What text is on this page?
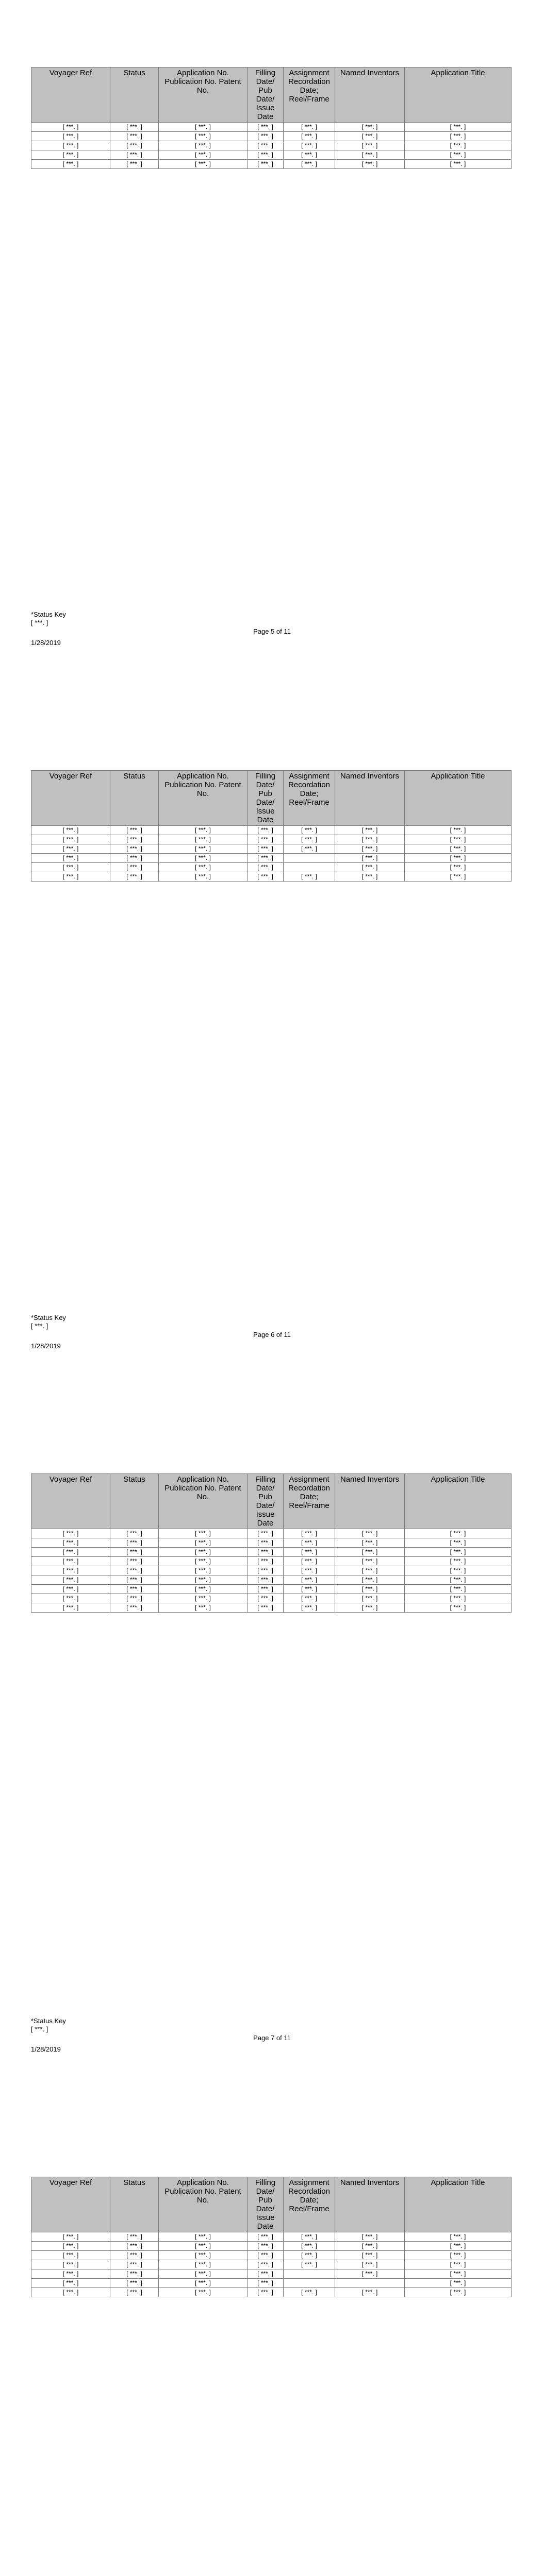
Voyager Ref	Status	Application No. Publication No. Patent No.	Filling Date/ Pub Date/ Issue Date	Assignment Recordation Date; Reel/Frame	Named Inventors	Application Title
[ ***. ]	[ ***. ]	[ ***. ]	[ ***. ]	[ ***. ]	[ ***. ]	[ ***. ]
[ ***. ]	[ ***. ]	[ ***. ]	[ ***. ]	[ ***. ]	[ ***. ]	[ ***. ]
[ ***. ]	[ ***. ]	[ ***. ]	[ ***. ]	[ ***. ]	[ ***. ]	[ ***. ]
[ ***. ]	[ ***. ]	[ ***. ]	[ ***. ]	[ ***. ]	[ ***. ]	[ ***. ]
[ ***. ]	[ ***. ]	[ ***. ]	[ ***. ]	[ ***. ]	[ ***. ]	[ ***. ]
*Status Key
[ ***. ]
Page 5 of 11
1/28/2019
Voyager Ref	Status	Application No. Publication No. Patent No.	Filling Date/ Pub Date/ Issue Date	Assignment Recordation Date; Reel/Frame	Named Inventors	Application Title
[ ***. ]	[ ***. ]	[ ***. ]	[ ***. ]	[ ***. ]	[ ***. ]	[ ***. ]
[ ***. ]	[ ***. ]	[ ***. ]	[ ***. ]	[ ***. ]	[ ***. ]	[ ***. ]
[ ***. ]	[ ***. ]	[ ***. ]	[ ***. ]	[ ***. ]	[ ***. ]	[ ***. ]
[ ***. ]	[ ***. ]	[ ***. ]	[ ***. ]		[ ***. ]	[ ***. ]
[ ***. ]	[ ***. ]	[ ***. ]	[ ***. ]		[ ***. ]	[ ***. ]
[ ***. ]	[ ***. ]	[ ***. ]	[ ***. ]	[ ***. ]	[ ***. ]	[ ***. ]
*Status Key
[ ***. ]
Page 6 of 11
1/28/2019
Voyager Ref	Status	Application No. Publication No. Patent No.	Filling Date/ Pub Date/ Issue Date	Assignment Recordation Date; Reel/Frame	Named Inventors	Application Title
[ ***. ]	[ ***. ]	[ ***. ]	[ ***. ]	[ ***. ]	[ ***. ]	[ ***. ]
[ ***. ]	[ ***. ]	[ ***. ]	[ ***. ]	[ ***. ]	[ ***. ]	[ ***. ]
[ ***. ]	[ ***. ]	[ ***. ]	[ ***. ]	[ ***. ]	[ ***. ]	[ ***. ]
[ ***. ]	[ ***. ]	[ ***. ]	[ ***. ]	[ ***. ]	[ ***. ]	[ ***. ]
[ ***. ]	[ ***. ]	[ ***. ]	[ ***. ]	[ ***. ]	[ ***. ]	[ ***. ]
[ ***. ]	[ ***. ]	[ ***. ]	[ ***. ]	[ ***. ]	[ ***. ]	[ ***. ]
[ ***. ]	[ ***. ]	[ ***. ]	[ ***. ]	[ ***. ]	[ ***. ]	[ ***. ]
[ ***. ]	[ ***. ]	[ ***. ]	[ ***. ]	[ ***. ]	[ ***. ]	[ ***. ]
[ ***. ]	[ ***. ]	[ ***. ]	[ ***. ]	[ ***. ]	[ ***. ]	[ ***. ]
*Status Key
[ ***. ]
Page 7 of 11
1/28/2019
Voyager Ref	Status	Application No. Publication No. Patent No.	Filling Date/ Pub Date/ Issue Date	Assignment Recordation Date; Reel/Frame	Named Inventors	Application Title
[ ***. ]	[ ***. ]	[ ***. ]	[ ***. ]	[ ***. ]	[ ***. ]	[ ***. ]
[ ***. ]	[ ***. ]	[ ***. ]	[ ***. ]	[ ***. ]	[ ***. ]	[ ***. ]
[ ***. ]	[ ***. ]	[ ***. ]	[ ***. ]	[ ***. ]	[ ***. ]	[ ***. ]
[ ***. ]	[ ***. ]	[ ***. ]	[ ***. ]	[ ***. ]	[ ***. ]	[ ***. ]
[ ***. ]	[ ***. ]	[ ***. ]	[ ***. ]		[ ***. ]	[ ***. ]
[ ***. ]	[ ***. ]	[ ***. ]	[ ***. ]			[ ***. ]
[ ***. ]	[ ***. ]	[ ***. ]	[ ***. ]	[ ***. ]	[ ***. ]	[ ***. ]
